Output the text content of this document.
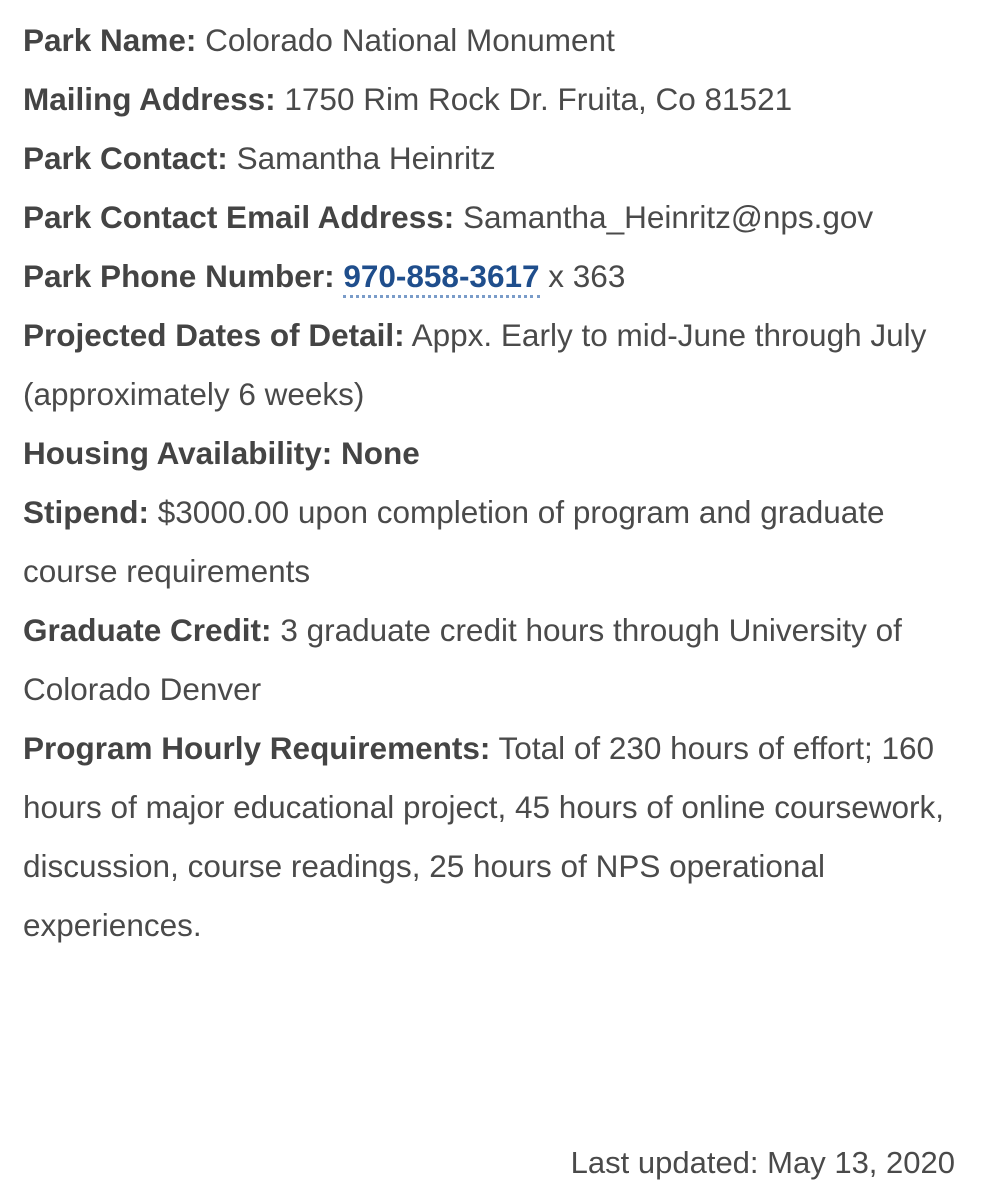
Park Name: Colorado National Monument

Mailing Address: 1750 Rim Rock Dr. Fruita, Co 81521

Park Contact: Samantha Heinritz

Park Contact Email Address: Samantha_Heinritz@nps.gov

Park Phone Number: 970-858-3617 x 363

Projected Dates of Detail: Appx. Early to mid-June through July (approximately 6 weeks)

Housing Availability: None

Stipend: $3000.00 upon completion of program and graduate course requirements

Graduate Credit: 3 graduate credit hours through University of Colorado Denver

Program Hourly Requirements: Total of 230 hours of effort; 160 hours of major educational project, 45 hours of online coursework, discussion, course readings, 25 hours of NPS operational experiences.

Last updated: May 13, 2020
